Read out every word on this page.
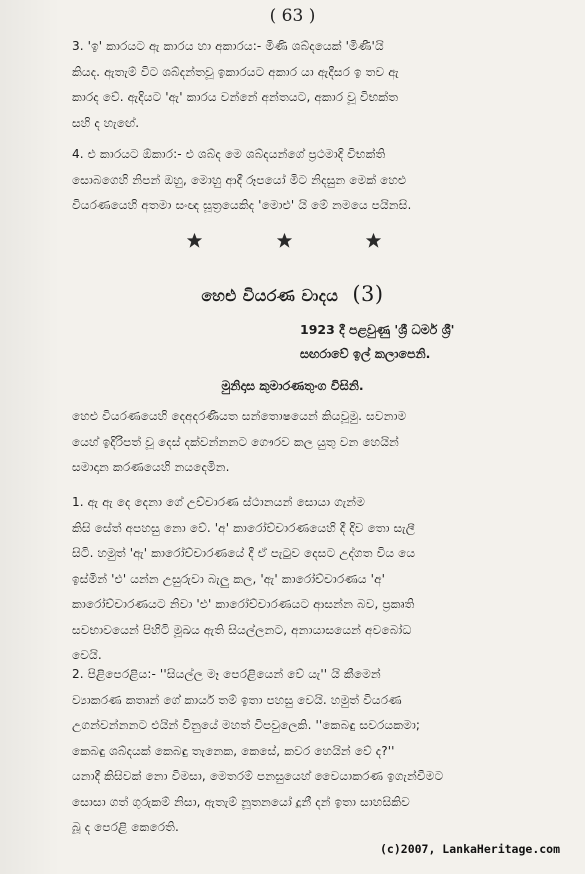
( 63 )
3. 'ඉ' කාරයට ඇ කාරය හා අකාරය:- මිණි ශබ්දයෙක් 'මිණී'යි
කියද. ඇතැම් විට ශබ්දන්තවූ ඉකාරයට අකාර යා ඇදීසර ඉ තව ඇ
කාරද වේ. ඇදියට 'ඇ' කාරය වන්නේ අන්තයට, අකාර වූ විභක්ත
සහි ද හැඟේ.
4. එ කාරයට ඕකාර:- එ ශබ්ද මෙ ශබ්දයන්ගේ ප්‍රථමාදි විභක්ති
සොබගෙහි නිපන් ඔහු, මොහු ආදී රූපයෝ මිට නිදසුන මෙක් හෙළු
වියරණයෙහි අතමා සංඥ සූත්‍රයෙකිද 'මොළු' යි මේ නමයෙ පයිනසි.
හෙළු වියරණ වාදය (3)
1923 දී පළවුණු 'ශ්‍රී ධර්ම ශ්‍රී'
සඟරාවේ ඉල් කලාපෙනි.
මුනිදාස කුමාරණතුංග විසිනි.
හෙළු වියරණයෙහි දෙඅදරණීයත සන්තොෂයෙන් කියවූමු. සවනාම
යෙහ් ඉදිරිපත් වූ දෙස් දක්වන්නනට ගෞරව කල යුතු වන හෙයින්
සමාදාන කරණයෙහි නයදෙමින.
1. ඇ ඇ දෙ දෙනා ගේ උච්චාරණ ස්ථානයන් සොයා ගැන්ම
කිසි සේත් අපහසු නො වේ. 'අ' කාරෝච්චාරණයෙහි දී දිව තො සැලී
සිටි. හමුත් 'ඇ' කාරෝච්චාරණයේ දී ඒ පැටුව දෙසට උද්ගත විය යෙ
ඉස්මින් 'එ' යන්න උසුරුවා බැලු කල, 'ඇ' කාරෝච්චාරණය 'අ'
කාරෝච්චාරණයට නිවා 'එ' කාරෝච්චාරණයට ආසන්න බව, ප්‍රකෘති
සවභාවයෙන් පිහිටි මූඛය ඇති සියල්ලනට, අනායාසයෙන් අවබෝධ
වෙයි.
2. පිළිපෙරළිය:- ''සියල්ල මෑ පෙරළියෙන් වේ යැ'' යි කීමෙන්
ව්‍යාකරණ කතෘන් ගේ කාර්ය තම් ඉතා පහසු වෙයි. හමුත් වියරණ
උගන්වන්නනට එයින් විනුයේ මහත් විපවුලෙකි. ''කෙබඳු සවරයකමා;
කෙබඳු ශබ්දයක් කෙබඳු තැනෙක, කෙසේ, කවර හෙයින් වේ ද?''
යනාදී කිසිවක් නො විමසා, මෙතරම් පනසුයෙහ් වෛයාකරණ ඉගැන්වීමට
සොසා ගත් ගුරුකම් නිසා, ඇතැම් නූතනයෝ දූනී දන් ඉතා සාහසිකිව
බූ ද පෙරළි කෙරෙති.
(c)2007, LankaHeritage.com
